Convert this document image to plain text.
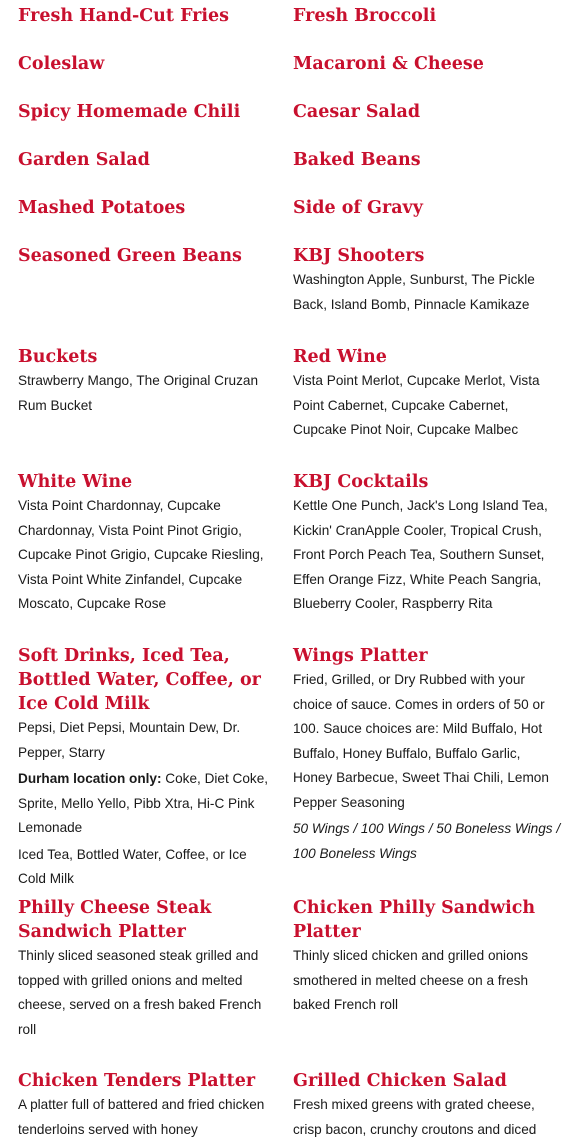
Fresh Hand-Cut Fries
Coleslaw
Spicy Homemade Chili
Garden Salad
Mashed Potatoes
Seasoned Green Beans
Buckets

Strawberry Mango, The Original Cruzan Rum Bucket

White Wine

Vista Point Chardonnay, Cupcake Chardonnay, Vista Point Pinot Grigio, Cupcake Pinot Grigio, Cupcake Riesling, Vista Point White Zinfandel, Cupcake Moscato, Cupcake Rose

Soft Drinks, Iced Tea, Bottled Water, Coffee, or Ice Cold Milk

Pepsi, Diet Pepsi, Mountain Dew, Dr. Pepper, Starry

Durham location only: Coke, Diet Coke, Sprite, Mello Yello, Pibb Xtra, Hi-C Pink Lemonade

Iced Tea, Bottled Water, Coffee, or Ice Cold Milk

Philly Cheese Steak Sandwich Platter

Thinly sliced seasoned steak grilled and topped with grilled onions and melted cheese, served on a fresh baked French roll

Chicken Tenders Platter

A platter full of battered and fried chicken tenderloins served with honey

Fresh Broccoli
Macaroni & Cheese
Caesar Salad
Baked Beans
Side of Gravy
KBJ Shooters

Washington Apple, Sunburst, The Pickle Back, Island Bomb, Pinnacle Kamikaze

Red Wine

Vista Point Merlot, Cupcake Merlot, Vista Point Cabernet, Cupcake Cabernet, Cupcake Pinot Noir, Cupcake Malbec

KBJ Cocktails

Kettle One Punch, Jack's Long Island Tea, Kickin' CranApple Cooler, Tropical Crush, Front Porch Peach Tea, Southern Sunset, Effen Orange Fizz, White Peach Sangria, Blueberry Cooler, Raspberry Rita

Wings Platter

Fried, Grilled, or Dry Rubbed with your choice of sauce. Comes in orders of 50 or 100. Sauce choices are: Mild Buffalo, Hot Buffalo, Honey Buffalo, Buffalo Garlic, Honey Barbecue, Sweet Thai Chili, Lemon Pepper Seasoning

50 Wings / 100 Wings / 50 Boneless Wings / 100 Boneless Wings

Chicken Philly Sandwich Platter

Thinly sliced chicken and grilled onions smothered in melted cheese on a fresh baked French roll

Grilled Chicken Salad

Fresh mixed greens with grated cheese, crisp bacon, crunchy croutons and diced
